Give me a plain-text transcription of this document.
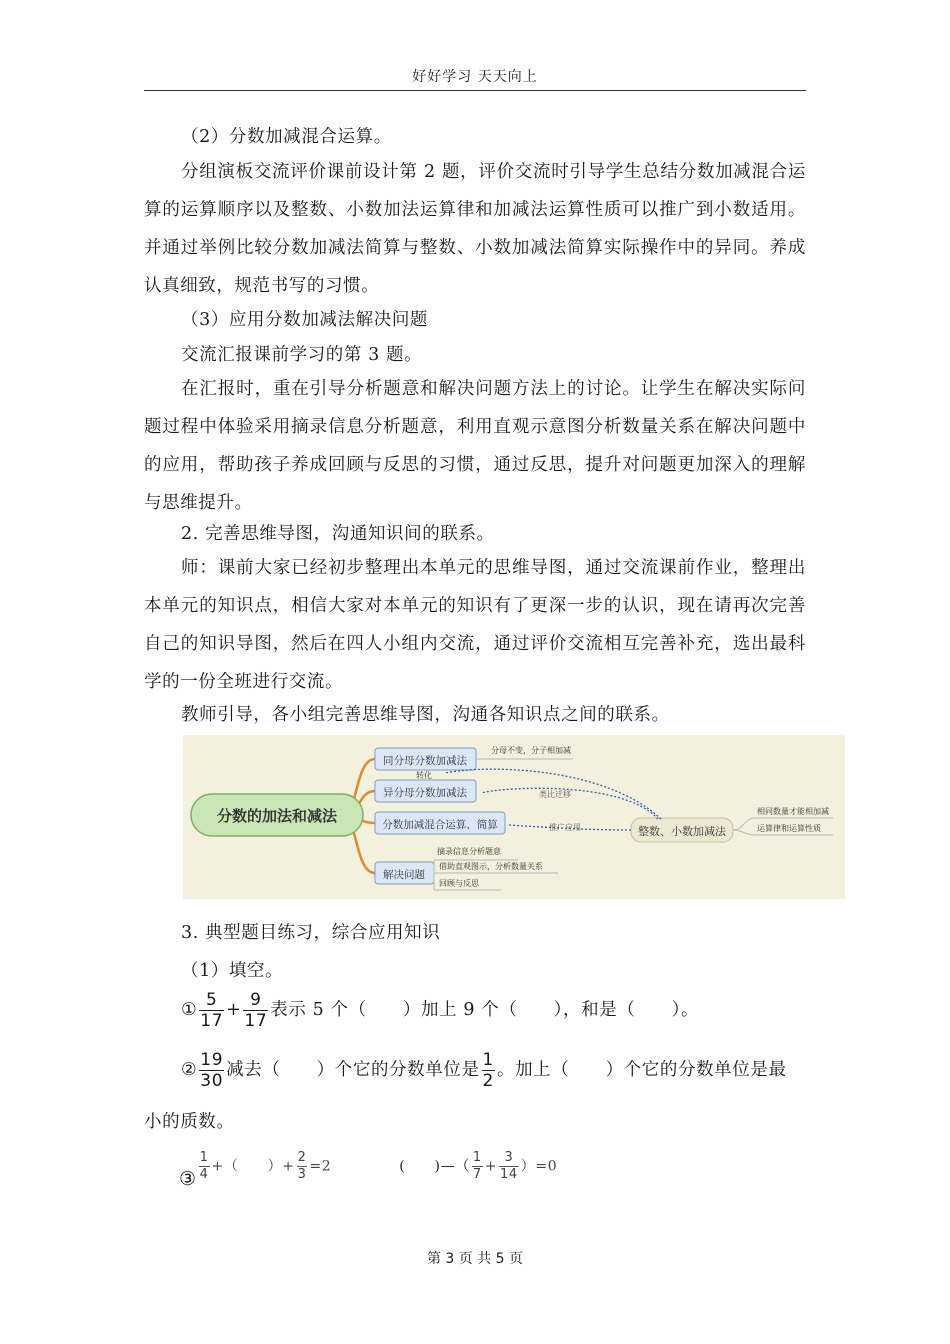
好好学习 天天向上

（2）分数加减混合运算。

分组演板交流评价课前设计第 2 题，评价交流时引导学生总结分数加减混合运算的运算顺序以及整数、小数加法运算律和加减法运算性质可以推广到小数适用。并通过举例比较分数加减法简算与整数、小数加减法简算实际操作中的异同。养成认真细致，规范书写的习惯。

（3）应用分数加减法解决问题

交流汇报课前学习的第 3 题。

在汇报时，重在引导分析题意和解决问题方法上的讨论。让学生在解决实际问题过程中体验采用摘录信息分析题意，利用直观示意图分析数量关系在解决问题中的应用，帮助孩子养成回顾与反思的习惯，通过反思，提升对问题更加深入的理解与思维提升。

2. 完善思维导图，沟通知识间的联系。

师：课前大家已经初步整理出本单元的思维导图，通过交流课前作业，整理出本单元的知识点，相信大家对本单元的知识有了更深一步的认识，现在请再次完善自己的知识导图，然后在四人小组内交流，通过评价交流相互完善补充，选出最科学的一份全班进行交流。

教师引导，各小组完善思维导图，沟通各知识点之间的联系。

分数的加法和减法
同分母分数加减法
异分母分数加减法
分数加减混合运算、简算
解决问题
分母不变，分子相加减
转化
摘录信息分析题意
借助直观图示，分析数量关系
回顾与反思
整数、小数加减法
相同数量才能相加减
运算律和运算性质
类比迁移
推广应用

3. 典型题目练习，综合应用知识

（1）填空。

① $\frac{5}{17} + \frac{9}{17}$ 表示 5 个（　　）加上 9 个（　　），和是（　　）。
② $\frac{19}{30}$ 减去（　　）个它的分数单位是 $\frac{1}{2}$ 。加上（　　）个它的分数单位是最
小的质数。
③ $\frac{1}{4}$ +（　　）+ $\frac{2}{3} =2$	(　　)—（ $\frac{1}{7} + \frac{3}{14} )=0$
第 3 页 共 5 页
